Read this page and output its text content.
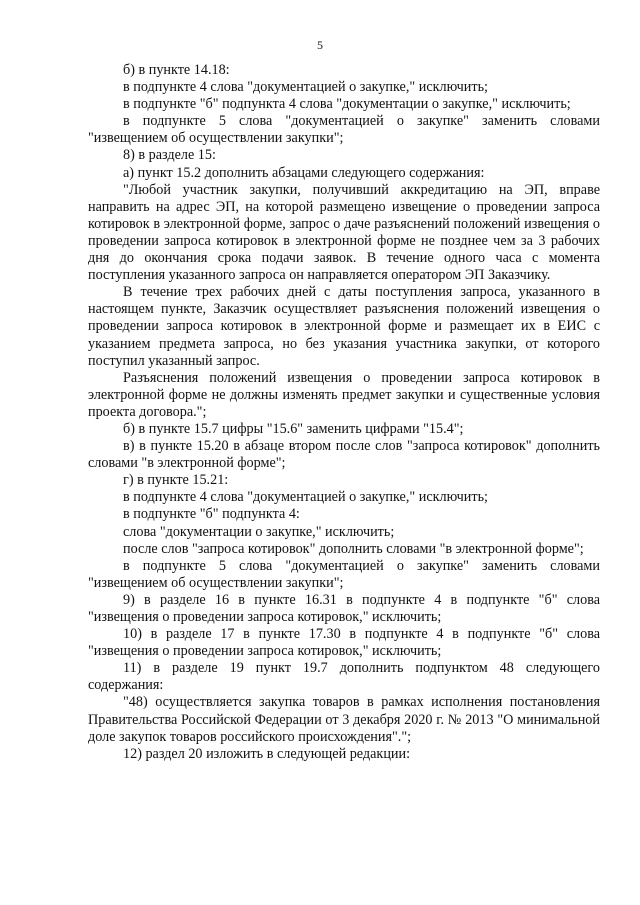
5

б) в пункте 14.18:

в подпункте 4 слова "документацией о закупке," исключить;

в подпункте "б" подпункта 4 слова "документации о закупке," исключить;

в подпункте 5 слова "документацией о закупке" заменить словами "извещением об осуществлении закупки";

8) в разделе 15:

а) пункт 15.2 дополнить абзацами следующего содержания:

"Любой участник закупки, получивший аккредитацию на ЭП, вправе направить на адрес ЭП, на которой размещено извещение о проведении запроса котировок в электронной форме, запрос о даче разъяснений положений извещения о проведении запроса котировок в электронной форме не позднее чем за 3 рабочих дня до окончания срока подачи заявок. В течение одного часа с момента поступления указанного запроса он направляется оператором ЭП Заказчику.

В течение трех рабочих дней с даты поступления запроса, указанного в настоящем пункте, Заказчик осуществляет разъяснения положений извещения о проведении запроса котировок в электронной форме и размещает их в ЕИС с указанием предмета запроса, но без указания участника закупки, от которого поступил указанный запрос.

Разъяснения положений извещения о проведении запроса котировок в электронной форме не должны изменять предмет закупки и существенные условия проекта договора.";

б) в пункте 15.7 цифры "15.6" заменить цифрами "15.4";

в) в пункте 15.20 в абзаце втором после слов "запроса котировок" дополнить словами "в электронной форме";

г) в пункте 15.21:

в подпункте 4 слова "документацией о закупке," исключить;

в подпункте "б" подпункта 4:

слова "документации о закупке," исключить;

после слов "запроса котировок" дополнить словами "в электронной форме";

в подпункте 5 слова "документацией о закупке" заменить словами "извещением об осуществлении закупки";

9) в разделе 16 в пункте 16.31 в подпункте 4 в подпункте "б" слова "извещения о проведении запроса котировок," исключить;

10) в разделе 17 в пункте 17.30 в подпункте 4 в подпункте "б" слова "извещения о проведении запроса котировок," исключить;

11) в разделе 19 пункт 19.7 дополнить подпунктом 48 следующего содержания:

"48) осуществляется закупка товаров в рамках исполнения постановления Правительства Российской Федерации от 3 декабря 2020 г. № 2013 "О минимальной доле закупок товаров российского происхождения".";

12) раздел 20 изложить в следующей редакции:
